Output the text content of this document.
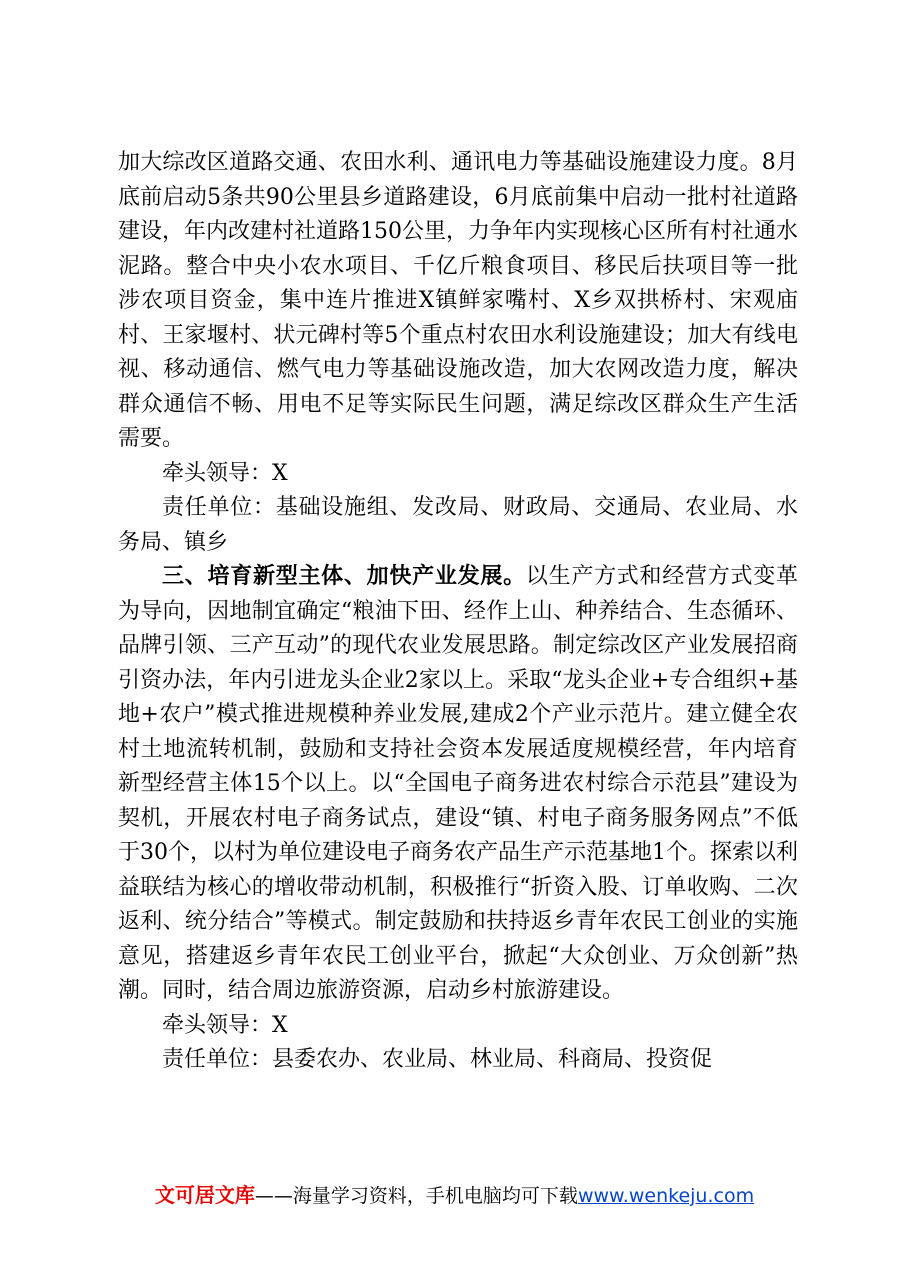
加大综改区道路交通、农田水利、通讯电力等基础设施建设力度。8月底前启动5条共90公里县乡道路建设，6月底前集中启动一批村社道路建设，年内改建村社道路150公里，力争年内实现核心区所有村社通水泥路。整合中央小农水项目、千亿斤粮食项目、移民后扶项目等一批涉农项目资金，集中连片推进X镇鲜家嘴村、X乡双拱桥村、宋观庙村、王家堰村、状元碑村等5个重点村农田水利设施建设；加大有线电视、移动通信、燃气电力等基础设施改造，加大农网改造力度，解决群众通信不畅、用电不足等实际民生问题，满足综改区群众生产生活需要。

牵头领导：X

责任单位：基础设施组、发改局、财政局、交通局、农业局、水务局、镇乡

三、培育新型主体、加快产业发展。以生产方式和经营方式变革为导向，因地制宜确定“粮油下田、经作上山、种养结合、生态循环、品牌引领、三产互动”的现代农业发展思路。制定综改区产业发展招商引资办法，年内引进龙头企业2家以上。采取“龙头企业+专合组织+基地+农户”模式推进规模种养业发展,建成2个产业示范片。建立健全农村土地流转机制，鼓励和支持社会资本发展适度规模经营，年内培育新型经营主体15个以上。以“全国电子商务进农村综合示范县”建设为契机，开展农村电子商务试点，建设“镇、村电子商务服务网点”不低于30个，以村为单位建设电子商务农产品生产示范基地1个。探索以利益联结为核心的增收带动机制，积极推行“折资入股、订单收购、二次返利、统分结合”等模式。制定鼓励和扶持返乡青年农民工创业的实施意见，搭建返乡青年农民工创业平台，掀起“大众创业、万众创新”热潮。同时，结合周边旅游资源，启动乡村旅游建设。

牵头领导：X

责任单位：县委农办、农业局、林业局、科商局、投资促

文可居文库——海量学习资料，手机电脑均可下载www.wenkeju.com
